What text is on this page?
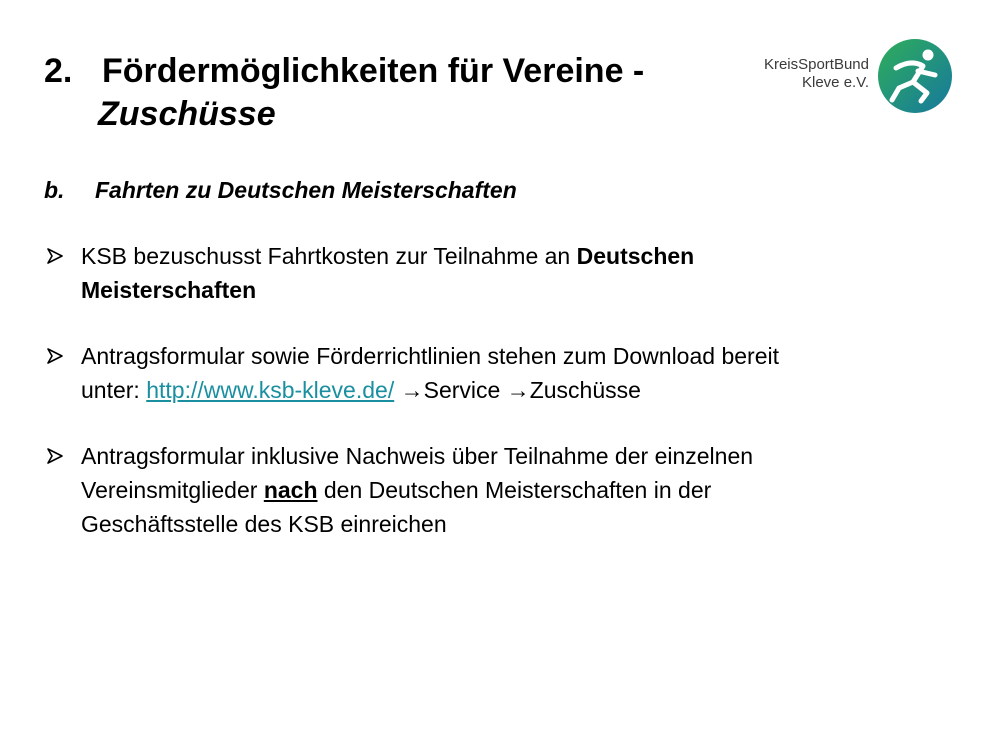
2. Fördermöglichkeiten für Vereine -
Zuschüsse
KreisSportBund
Kleve e.V.
b. Fahrten zu Deutschen Meisterschaften
KSB bezuschusst Fahrtkosten zur Teilnahme an Deutschen
Meisterschaften
Antragsformular sowie Förderrichtlinien stehen zum Download bereit
unter: http://www.ksb-kleve.de/ →Service →Zuschüsse
Antragsformular inklusive Nachweis über Teilnahme der einzelnen
Vereinsmitglieder nach den Deutschen Meisterschaften in der
Geschäftsstelle des KSB einreichen
